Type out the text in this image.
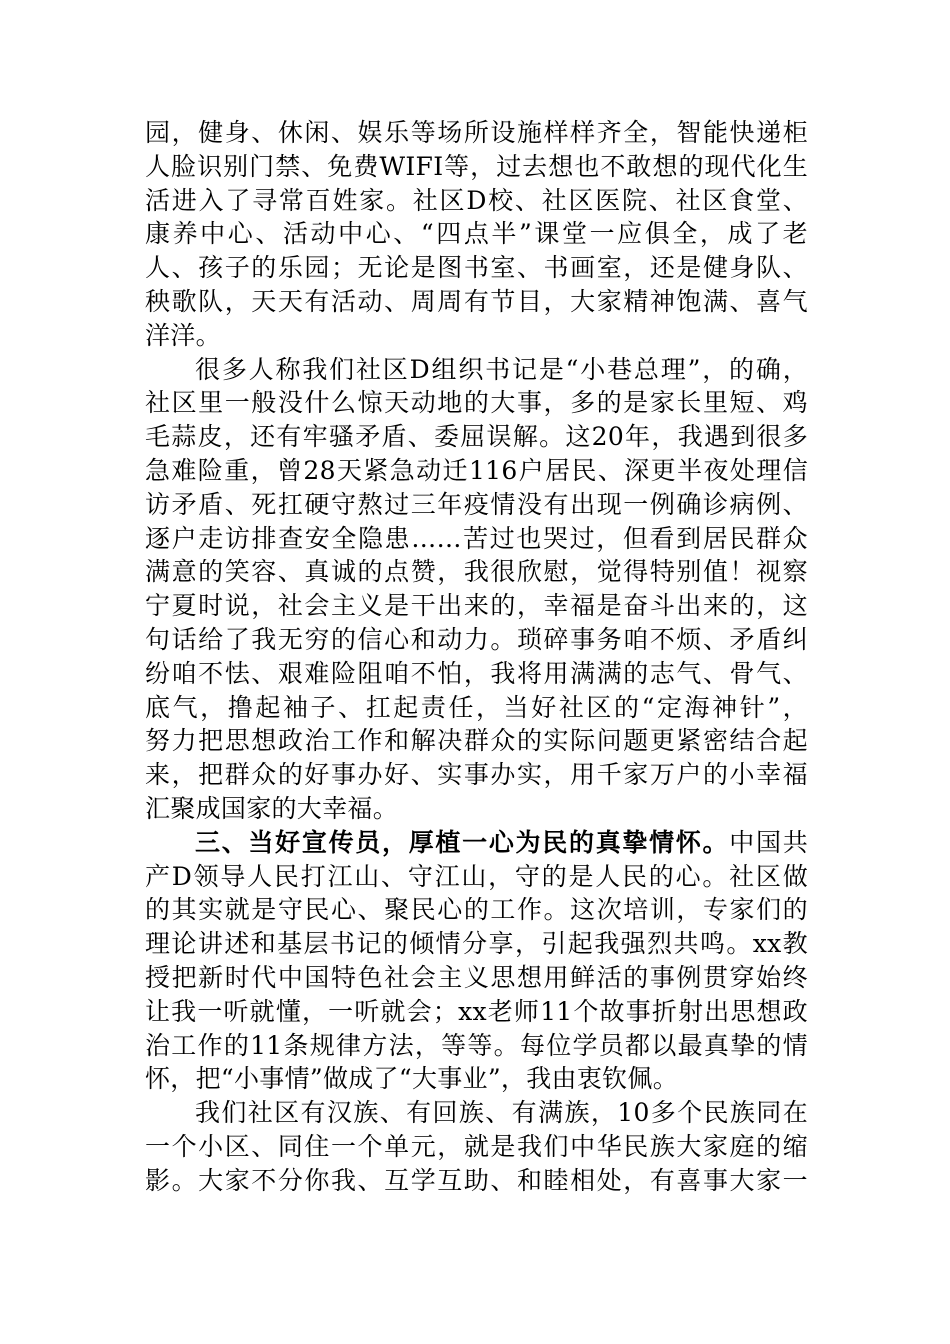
园，健身、休闲、娱乐等场所设施样样齐全，智能快递柜
人脸识别门禁、免费WIFI等，过去想也不敢想的现代化生
活进入了寻常百姓家。社区D校、社区医院、社区食堂、
康养中心、活动中心、“四点半”课堂一应俱全，成了老
人、孩子的乐园；无论是图书室、书画室，还是健身队、
秧歌队，天天有活动、周周有节目，大家精神饱满、喜气
洋洋。
很多人称我们社区D组织书记是“小巷总理”，的确，
社区里一般没什么惊天动地的大事，多的是家长里短、鸡
毛蒜皮，还有牢骚矛盾、委屈误解。这20年，我遇到很多
急难险重，曾28天紧急动迁116户居民、深更半夜处理信
访矛盾、死扛硬守熬过三年疫情没有出现一例确诊病例、
逐户走访排查安全隐患……苦过也哭过，但看到居民群众
满意的笑容、真诚的点赞，我很欣慰，觉得特别值！视察
宁夏时说，社会主义是干出来的，幸福是奋斗出来的，这
句话给了我无穷的信心和动力。琐碎事务咱不烦、矛盾纠
纷咱不怯、艰难险阻咱不怕，我将用满满的志气、骨气、
底气，撸起袖子、扛起责任，当好社区的“定海神针”，
努力把思想政治工作和解决群众的实际问题更紧密结合起
来，把群众的好事办好、实事办实，用千家万户的小幸福
汇聚成国家的大幸福。
三、当好宣传员，厚植一心为民的真挚情怀。中国共
产D领导人民打江山、守江山，守的是人民的心。社区做
的其实就是守民心、聚民心的工作。这次培训，专家们的
理论讲述和基层书记的倾情分享，引起我强烈共鸣。xx教
授把新时代中国特色社会主义思想用鲜活的事例贯穿始终
让我一听就懂，一听就会；xx老师11个故事折射出思想政
治工作的11条规律方法，等等。每位学员都以最真挚的情
怀，把“小事情”做成了“大事业”，我由衷钦佩。
我们社区有汉族、有回族、有满族，10多个民族同在
一个小区、同住一个单元，就是我们中华民族大家庭的缩
影。大家不分你我、互学互助、和睦相处，有喜事大家一
